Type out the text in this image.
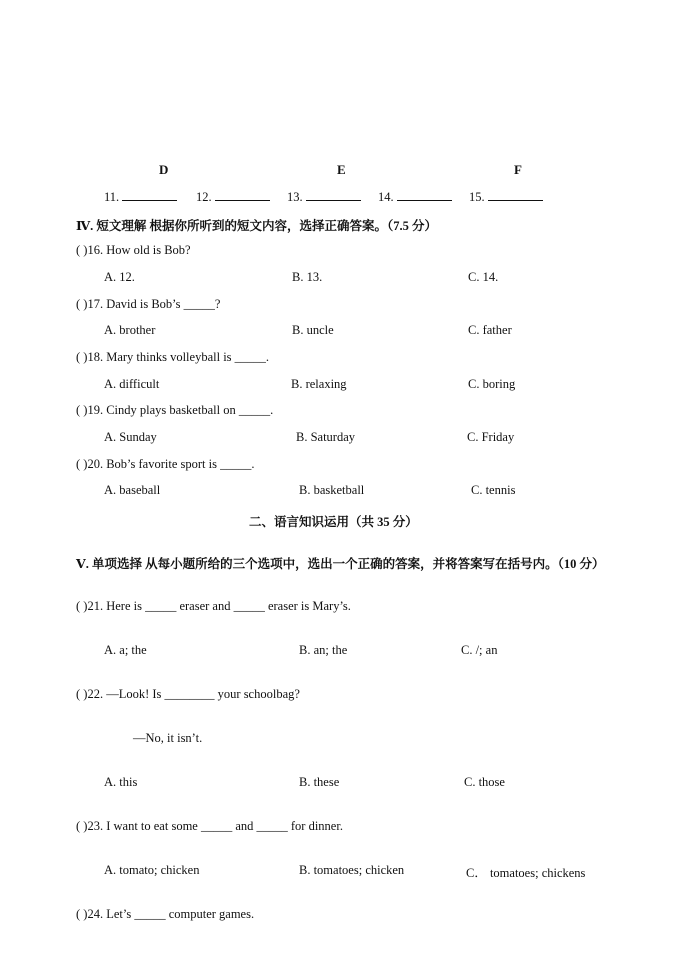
D	E	F
11.	12.	13.	14.	15.
Ⅳ. 短文理解 根据你所听到的短文内容，选择正确答案。（7.5 分）
( )16. How old is Bob?
A. 12.	B. 13.	C. 14.
( )17. David is Bob’s _____?
A. brother	B. uncle	C. father
( )18. Mary thinks volleyball is _____.
A. difficult	B. relaxing	C. boring
( )19. Cindy plays basketball on _____.
A. Sunday	B. Saturday	C. Friday
( )20. Bob’s favorite sport is _____.
A. baseball	B. basketball	C. tennis
二、语言知识运用（共 35 分）
Ⅴ. 单项选择 从每小题所给的三个选项中，选出一个正确的答案，并将答案写在括号内。（10 分）
( )21. Here is _____ eraser and _____ eraser is Mary’s.
A. a; the	B. an; the	C. /; an
( )22. —Look! Is ________ your schoolbag?
—No, it isn’t.
A. this	B. these	C. those
( )23. I want to eat some _____ and _____ for dinner.
A. tomato; chicken	B. tomatoes; chicken	C． tomatoes; chickens
( )24. Let’s _____ computer games.
